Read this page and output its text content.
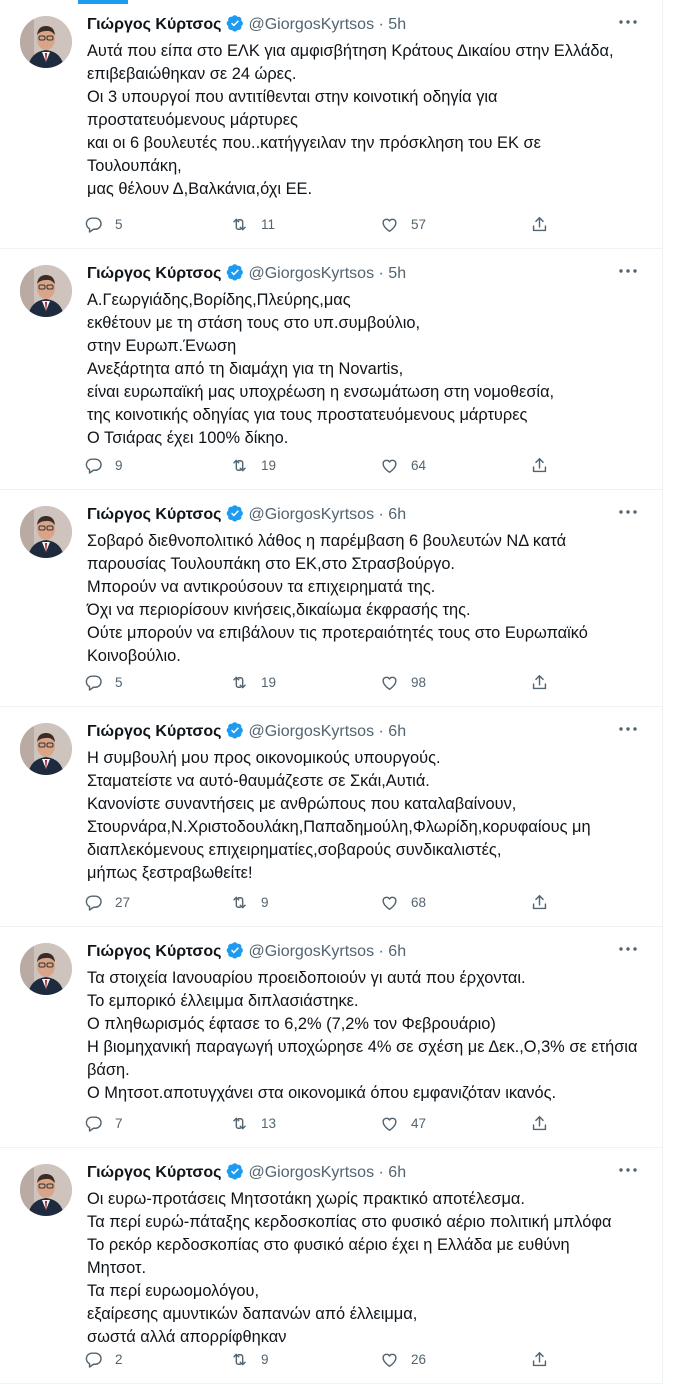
Γιώργος Κύρτσος @GiorgosKyrtsos · 5h

Αυτά που είπα στο ΕΛΚ για αμφισβήτηση Κράτους Δικαίου στην Ελλάδα,
επιβεβαιώθηκαν σε 24 ώρες.
Οι 3 υπουργοί που αντιτίθενται στην κοινοτική οδηγία για
προστατευόμενους μάρτυρες
και οι 6 βουλευτές που..κατήγγειλαν την πρόσκληση του ΕΚ σε
Τουλουπάκη,
μας θέλουν Δ,Βαλκάνια,όχι ΕΕ.

5	11	57
Γιώργος Κύρτσος @GiorgosKyrtsos · 5h

Α.Γεωργιάδης,Βορίδης,Πλεύρης,μας
εκθέτουν με τη στάση τους στο υπ.συμβούλιο,
στην Ευρωπ.Ένωση
Ανεξάρτητα από τη διαμάχη για τη Novartis,
είναι ευρωπαϊκή μας υποχρέωση η ενσωμάτωση στη νομοθεσία,
της κοινοτικής οδηγίας για τους προστατευόμενους μάρτυρες
Ο Τσιάρας έχει 100% δίκηο.

9	19	64
Γιώργος Κύρτσος @GiorgosKyrtsos · 6h

Σοβαρό διεθνοπολιτικό λάθος η παρέμβαση 6 βουλευτών ΝΔ κατά
παρουσίας Τουλουπάκη στο ΕΚ,στο Στρασβούργο.
Μπορούν να αντικρούσουν τα επιχειρηματά της.
Όχι να περιορίσουν κινήσεις,δικαίωμα έκφρασής της.
Ούτε μπορούν να επιβάλουν τις προτεραιότητές τους στο Ευρωπαϊκό
Κοινοβούλιο.

5	19	98
Γιώργος Κύρτσος @GiorgosKyrtsos · 6h

Η συμβουλή μου προς οικονομικούς υπουργούς.
Σταματείστε να αυτό-θαυμάζεστε σε Σκάι,Αυτιά.
Κανονίστε συναντήσεις με ανθρώπους που καταλαβαίνουν,
Στουρνάρα,Ν.Χριστοδουλάκη,Παπαδημούλη,Φλωρίδη,κορυφαίους μη
διαπλεκόμενους επιχειρηματίες,σοβαρούς συνδικαλιστές,
μήπως ξεστραβωθείτε!

27	9	68
Γιώργος Κύρτσος @GiorgosKyrtsos · 6h

Τα στοιχεία Ιανουαρίου προειδοποιούν γι αυτά που έρχονται.
Το εμπορικό έλλειμμα διπλασιάστηκε.
Ο πληθωρισμός έφτασε το 6,2% (7,2% τον Φεβρουάριο)
Η βιομηχανική παραγωγή υποχώρησε 4% σε σχέση με Δεκ.,Ο,3% σε ετήσια
βάση.
Ο Μητσοτ.αποτυγχάνει στα οικονομικά όπου εμφανιζόταν ικανός.

7	13	47
Γιώργος Κύρτσος @GiorgosKyrtsos · 6h

Οι ευρω-προτάσεις Μητσοτάκη χωρίς πρακτικό αποτέλεσμα.
Τα περί ευρώ-πάταξης κερδοσκοπίας στο φυσικό αέριο πολιτική μπλόφα
Το ρεκόρ κερδοσκοπίας στο φυσικό αέριο έχει η Ελλάδα με ευθύνη
Μητσοτ.
Τα περί ευρωομολόγου,
εξαίρεσης αμυντικών δαπανών από έλλειμμα,
σωστά αλλά απορρίφθηκαν

2	9	26
